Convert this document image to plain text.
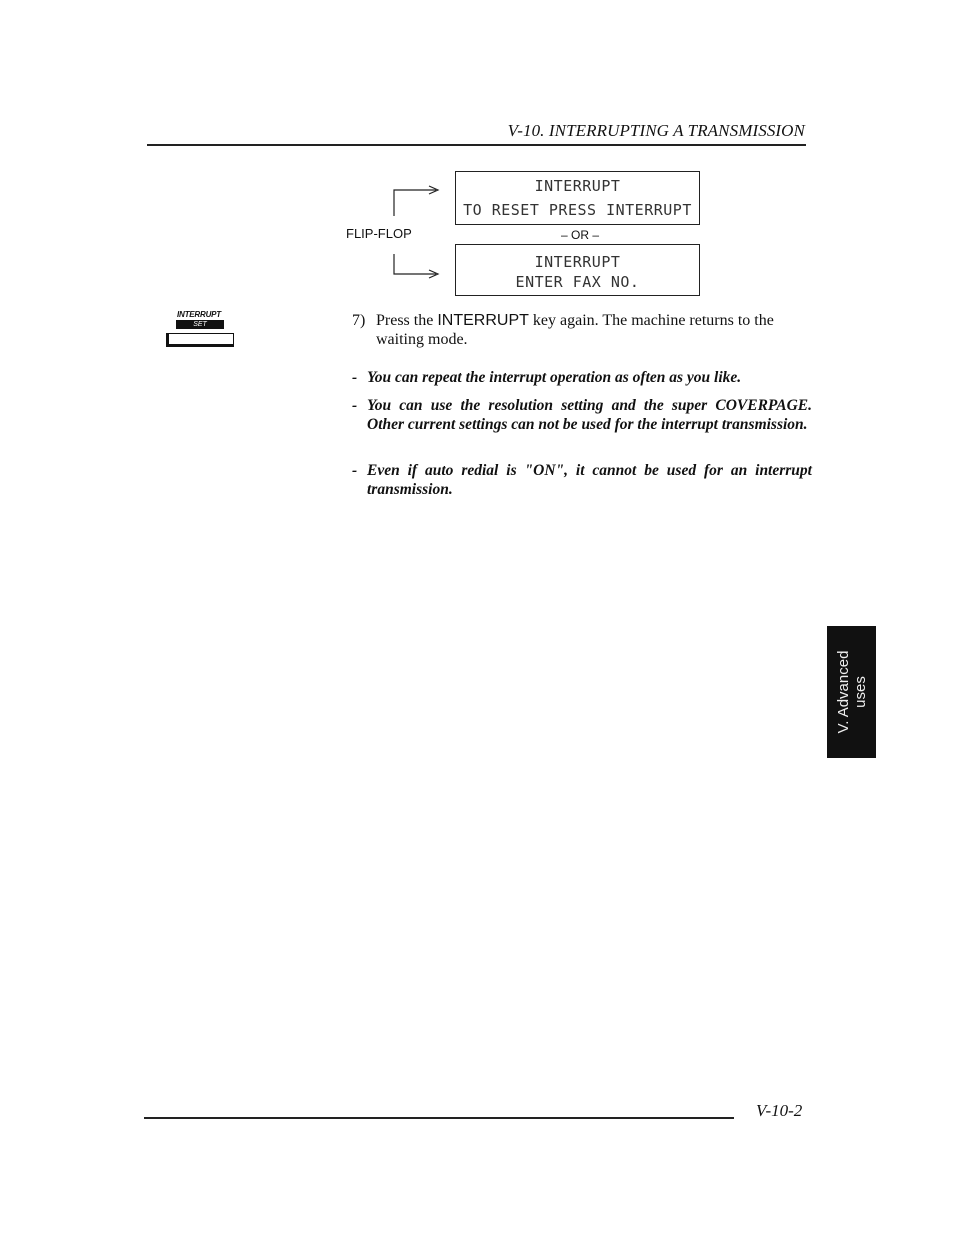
V-10. INTERRUPTING A TRANSMISSION
FLIP-FLOP
INTERRUPT
TO RESET PRESS INTERRUPT
– OR –
INTERRUPT
ENTER FAX NO.
INTERRUPT
SET	7) Press the INTERRUPT key again. The machine returns to the waiting mode.
- You can repeat the interrupt operation as often as you like.
- You can use the resolution setting and the super COVERPAGE. Other current settings can not be used for the interrupt transmission.
- Even if auto redial is "ON", it cannot be used for an interrupt transmission.
V. Advanced uses
V-10-2
